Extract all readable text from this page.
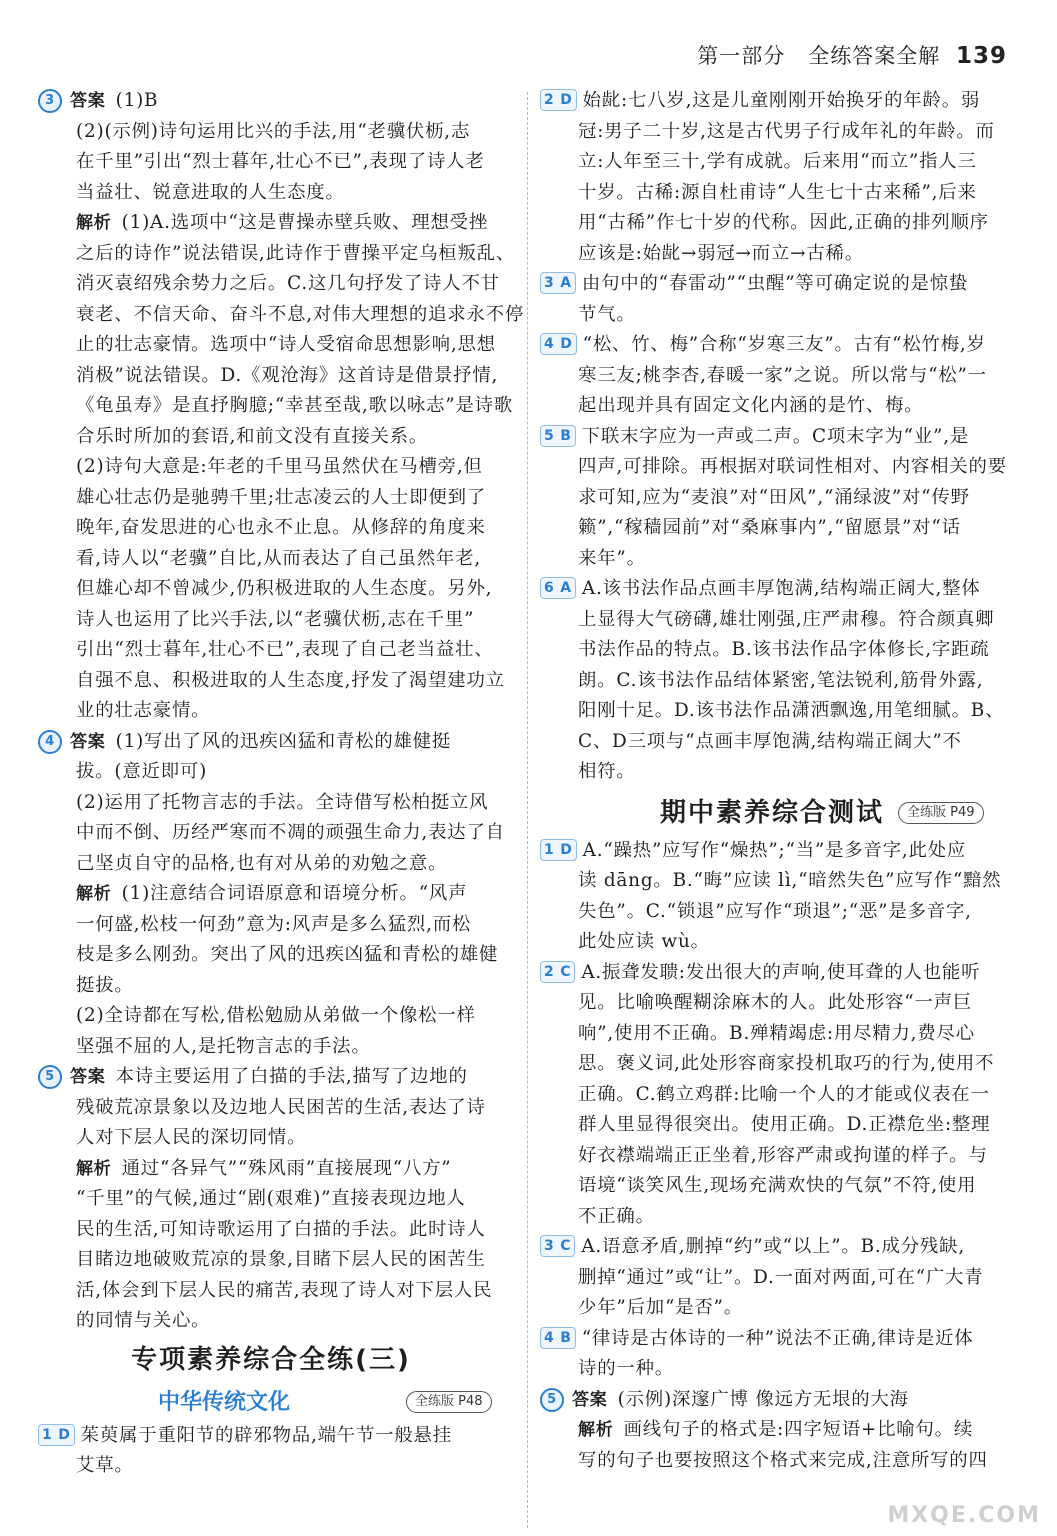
第一部分 全练答案全解 139
3 答案 (1)B
(2)(示例)诗句运用比兴的手法,用“老骥伏枥,志
在千里”引出“烈士暮年,壮心不已”,表现了诗人老
当益壮、锐意进取的人生态度。
解析 (1)A.选项中“这是曹操赤壁兵败、理想受挫
之后的诗作”说法错误,此诗作于曹操平定乌桓叛乱、
消灭袁绍残余势力之后。C.这几句抒发了诗人不甘
衰老、不信天命、奋斗不息,对伟大理想的追求永不停
止的壮志豪情。选项中“诗人受宿命思想影响,思想
消极”说法错误。D.《观沧海》这首诗是借景抒情,
《龟虽寿》是直抒胸臆;“幸甚至哉,歌以咏志”是诗歌
合乐时所加的套语,和前文没有直接关系。
(2)诗句大意是:年老的千里马虽然伏在马槽旁,但
雄心壮志仍是驰骋千里;壮志凌云的人士即便到了
晚年,奋发思进的心也永不止息。从修辞的角度来
看,诗人以“老骥”自比,从而表达了自己虽然年老,
但雄心却不曾减少,仍积极进取的人生态度。另外,
诗人也运用了比兴手法,以“老骥伏枥,志在千里”
引出“烈士暮年,壮心不已”,表现了自己老当益壮、
自强不息、积极进取的人生态度,抒发了渴望建功立
业的壮志豪情。
4 答案 (1)写出了风的迅疾凶猛和青松的雄健挺
拔。(意近即可)
(2)运用了托物言志的手法。全诗借写松柏挺立风
中而不倒、历经严寒而不凋的顽强生命力,表达了自
己坚贞自守的品格,也有对从弟的劝勉之意。
解析 (1)注意结合词语原意和语境分析。“风声
一何盛,松枝一何劲”意为:风声是多么猛烈,而松
枝是多么刚劲。突出了风的迅疾凶猛和青松的雄健
挺拔。
(2)全诗都在写松,借松勉励从弟做一个像松一样
坚强不屈的人,是托物言志的手法。
5 答案 本诗主要运用了白描的手法,描写了边地的
残破荒凉景象以及边地人民困苦的生活,表达了诗
人对下层人民的深切同情。
解析 通过“各异气”“殊风雨”直接展现“八方”
“千里”的气候,通过“剧(艰难)”直接表现边地人
民的生活,可知诗歌运用了白描的手法。此时诗人
目睹边地破败荒凉的景象,目睹下层人民的困苦生
活,体会到下层人民的痛苦,表现了诗人对下层人民
的同情与关心。
专项素养综合全练(三)
中华传统文化	全练版 P48
1 D 茱萸属于重阳节的辟邪物品,端午节一般悬挂
艾草。
2 D 始龀:七八岁,这是儿童刚刚开始换牙的年龄。弱
冠:男子二十岁,这是古代男子行成年礼的年龄。而
立:人年至三十,学有成就。后来用“而立”指人三
十岁。古稀:源自杜甫诗“人生七十古来稀”,后来
用“古稀”作七十岁的代称。因此,正确的排列顺序
应该是:始龀→弱冠→而立→古稀。
3 A 由句中的“春雷动”“虫醒”等可确定说的是惊蛰
节气。
4 D “松、竹、梅”合称“岁寒三友”。古有“松竹梅,岁
寒三友;桃李杏,春暖一家”之说。所以常与“松”一
起出现并具有固定文化内涵的是竹、梅。
5 B 下联末字应为一声或二声。C项末字为“业”,是
四声,可排除。再根据对联词性相对、内容相关的要
求可知,应为“麦浪”对“田风”,“涌绿波”对“传野
籁”,“稼穑园前”对“桑麻事内”,“留愿景”对“话
来年”。
6 A A.该书法作品点画丰厚饱满,结构端正阔大,整体
上显得大气磅礴,雄壮刚强,庄严肃穆。符合颜真卿
书法作品的特点。B.该书法作品字体修长,字距疏
朗。C.该书法作品结体紧密,笔法锐利,筋骨外露,
阳刚十足。D.该书法作品潇洒飘逸,用笔细腻。B、
C、D三项与“点画丰厚饱满,结构端正阔大”不
相符。
期中素养综合测试	全练版 P49
1 D A.“躁热”应写作“燥热”;“当”是多音字,此处应
读 dāng。B.“晦”应读 lì,“暗然失色”应写作“黯然
失色”。C.“锁退”应写作“琐退”;“恶”是多音字,
此处应读 wù。
2 C A.振聋发聩:发出很大的声响,使耳聋的人也能听
见。比喻唤醒糊涂麻木的人。此处形容“一声巨
响”,使用不正确。B.殚精竭虑:用尽精力,费尽心
思。褒义词,此处形容商家投机取巧的行为,使用不
正确。C.鹤立鸡群:比喻一个人的才能或仪表在一
群人里显得很突出。使用正确。D.正襟危坐:整理
好衣襟端端正正坐着,形容严肃或拘谨的样子。与
语境“谈笑风生,现场充满欢快的气氛”不符,使用
不正确。
3 C A.语意矛盾,删掉“约”或“以上”。B.成分残缺,
删掉“通过”或“让”。D.一面对两面,可在“广大青
少年”后加“是否”。
4 B “律诗是古体诗的一种”说法不正确,律诗是近体
诗的一种。
5 答案 (示例)深邃广博 像远方无垠的大海
解析 画线句子的格式是:四字短语+比喻句。续
写的句子也要按照这个格式来完成,注意所写的四
MXQE.COM
